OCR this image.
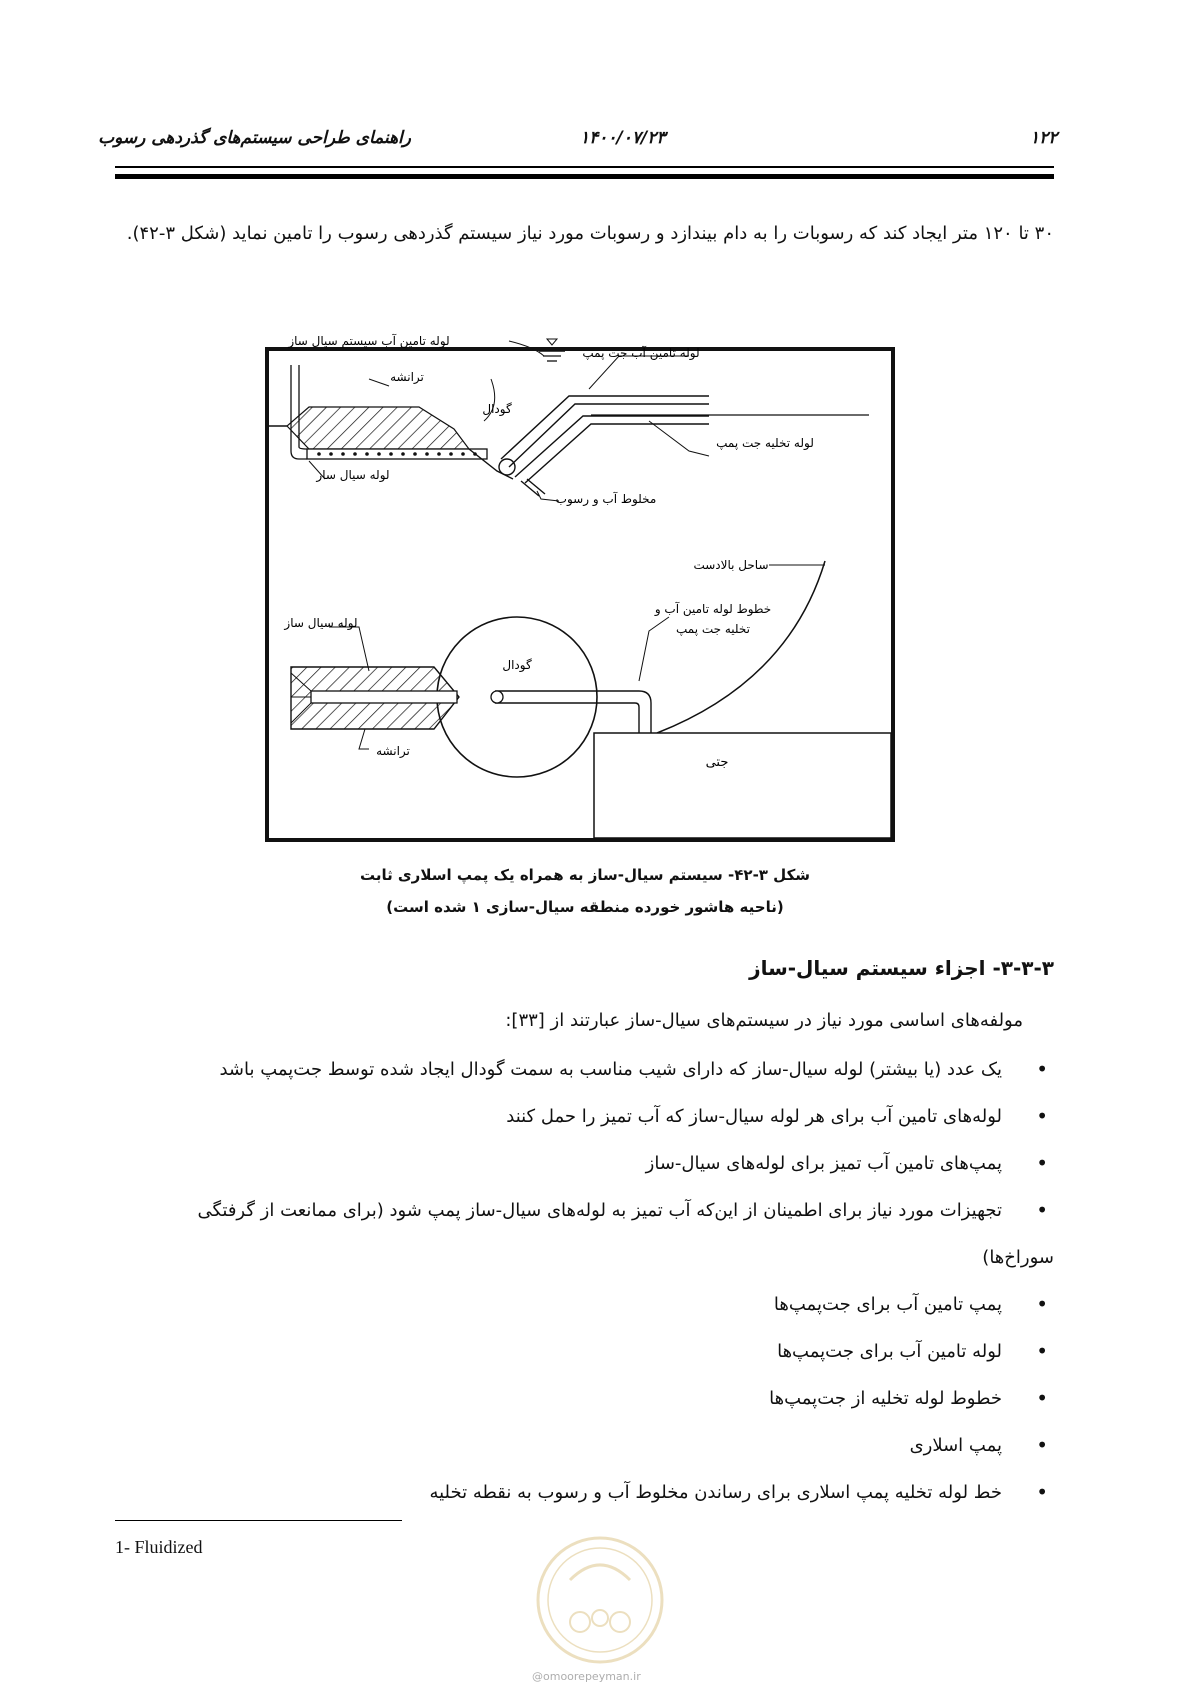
راهنمای طراحی سیستم‌های گذردهی رسوب	۱۴۰۰/۰۷/۲۳	۱۲۲
۳۰ تا ۱۲۰ متر ایجاد کند که رسوبات را به دام بیندازد و رسوبات مورد نیاز سیستم گذردهی رسوب را تامین نماید (شکل ۳-۴۲).
لوله تامین آب سیستم سیال ساز
لوله تامین آب جت پمپ
ترانشه
گودال
لوله تخلیه جت پمپ
لوله سیال ساز
مخلوط آب و رسوب
ساحل بالادست
گودال
جتی
خطوط لوله تامین آب و
تخلیه جت پمپ
لوله سیال ساز
ترانشه
شکل ۳-۴۲- سیستم سیال-ساز به همراه یک پمپ اسلاری ثابت
(ناحیه هاشور خورده منطقه سیال-سازی ۱ شده است)
۳-۳-۳- اجزاء سیستم سیال-ساز
مولفه‌های اساسی مورد نیاز در سیستم‌های سیال-ساز عبارتند از [۳۳]:
• یک عدد (یا بیشتر) لوله سیال-ساز که دارای شیب مناسب به سمت گودال ایجاد شده توسط جت‌پمپ باشد
• لوله‌های تامین آب برای هر لوله سیال-ساز که آب تمیز را حمل کنند
• پمپ‌های تامین آب تمیز برای لوله‌های سیال-ساز
• تجهیزات مورد نیاز برای اطمینان از این‌که آب تمیز به لوله‌های سیال-ساز پمپ شود (برای ممانعت از گرفتگی
سوراخ‌ها)
• پمپ تامین آب برای جت‌پمپ‌ها
• لوله تامین آب برای جت‌پمپ‌ها
• خطوط لوله تخلیه از جت‌پمپ‌ها
• پمپ اسلاری
• خط لوله تخلیه پمپ اسلاری برای رساندن مخلوط آب و رسوب به نقطه تخلیه
1- Fluidized
@omoorepeyman.ir
